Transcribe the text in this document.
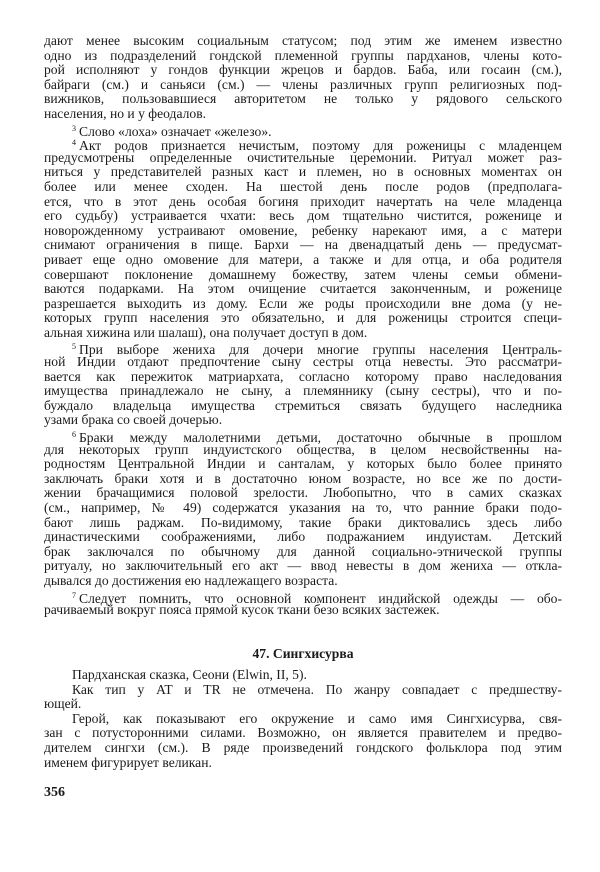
дают менее высоким социальным статусом; под этим же именем известно
одно из подразделений гондской племенной группы пардханов, члены кото-
рой исполняют у гондов функции жрецов и бардов. Баба, или госаин (см.),
байраги (см.) и саньяси (см.) — члены различных групп религиозных под-
вижников, пользовавшиеся авторитетом не только у рядового сельского
населения, но и у феодалов.
$^3$ Слово «лоха» означает «железо».
$^4$ Акт родов признается нечистым, поэтому для роженицы с младенцем
предусмотрены определенные очистительные церемонии. Ритуал может раз-
ниться у представителей разных каст и племен, но в основных моментах он
более или менее сходен. На шестой день после родов (предполага-
ется, что в этот день особая богиня приходит начертать на челе младенца
его судьбу) устраивается чхати: весь дом тщательно чистится, роженице и
новорожденному устраивают омовение, ребенку нарекают имя, а с матери
снимают ограничения в пище. Бархи — на двенадцатый день — предусмат-
ривает еще одно омовение для матери, а также и для отца, и оба родителя
совершают поклонение домашнему божеству, затем члены семьи обмени-
ваются подарками. На этом очищение считается законченным, и роженице
разрешается выходить из дому. Если же роды происходили вне дома (у не-
которых групп населения это обязательно, и для роженицы строится специ-
альная хижина или шалаш), она получает доступ в дом.
$^5$ При выборе жениха для дочери многие группы населения Централь-
ной Индии отдают предпочтение сыну сестры отца невесты. Это рассматри-
вается как пережиток матриархата, согласно которому право наследования
имущества принадлежало не сыну, а племяннику (сыну сестры), что и по-
буждало владельца имущества стремиться связать будущего наследника
узами брака со своей дочерью.
$^6$ Браки между малолетними детьми, достаточно обычные в прошлом
для некоторых групп индуистского общества, в целом несвойственны на-
родностям Центральной Индии и санталам, у которых было более принято
заключать браки хотя и в достаточно юном возрасте, но все же по дости-
жении брачащимися половой зрелости. Любопытно, что в самих сказках
(см., например, № 49) содержатся указания на то, что ранние браки подо-
бают лишь раджам. По-видимому, такие браки диктовались здесь либо
династическими соображениями, либо подражанием индуистам. Детский
брак заключался по обычному для данной социально-этнической группы
ритуалу, но заключительный его акт — ввод невесты в дом жениха — откла-
дывался до достижения ею надлежащего возраста.
$^7$ Следует помнить, что основной компонент индийской одежды — обо-
рачиваемый вокруг пояса прямой кусок ткани безо всяких застежек.
47. Сингхисурва
Пардханская сказка, Сеони (Elwin, II, 5).
Как тип у AT и TR не отмечена. По жанру совпадает с предшеству-
ющей.
Герой, как показывают его окружение и само имя Сингхисурва, свя-
зан с потусторонними силами. Возможно, он является правителем и предво-
дителем сингхи (см.). В ряде произведений гондского фольклора под этим
именем фигурирует великан.
356
